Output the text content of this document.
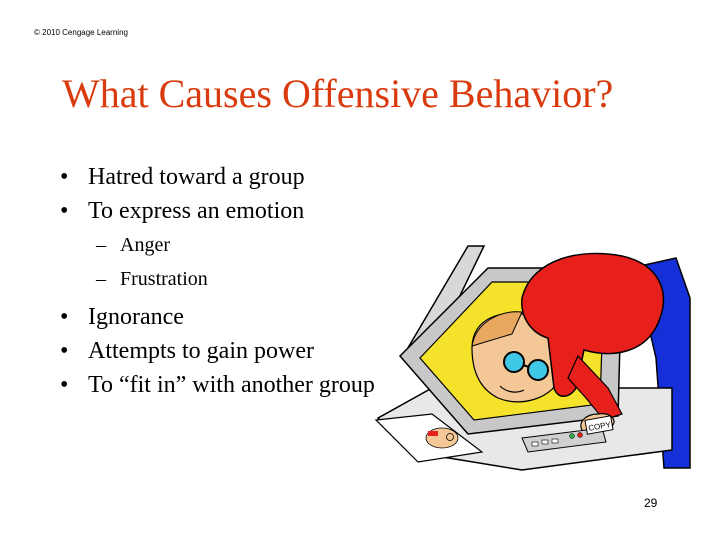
© 2010 Cengage Learning
What Causes Offensive Behavior?
• Hatred toward a group
• To express an emotion
– Anger
– Frustration
• Ignorance
• Attempts to gain power
• To “fit in” with another group
COPY
29
